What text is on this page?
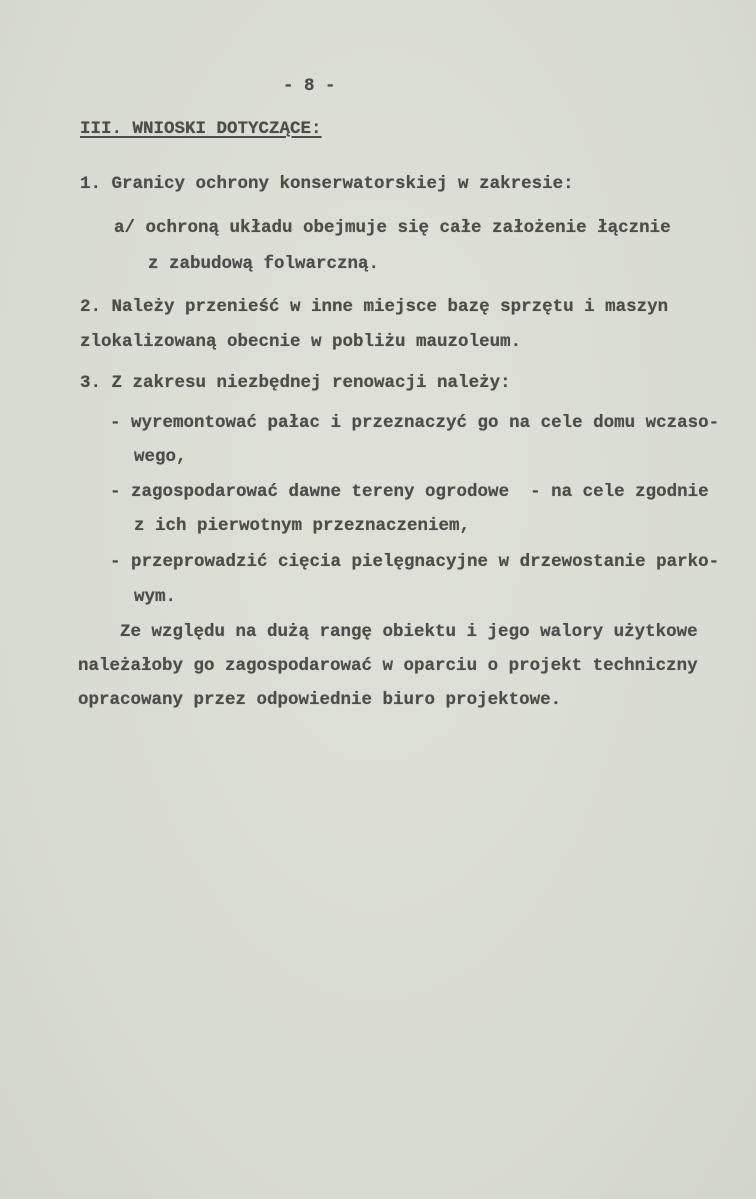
- 8 -
III. WNIOSKI DOTYCZĄCE:
1. Granicy ochrony konserwatorskiej w zakresie:
a/ ochroną układu obejmuje się całe założenie łącznie
z zabudową folwarczną.
2. Należy przenieść w inne miejsce bazę sprzętu i maszyn
zlokalizowaną obecnie w pobliżu mauzoleum.
3. Z zakresu niezbędnej renowacji należy:
- wyremontować pałac i przeznaczyć go na cele domu wczaso-
wego,
- zagospodarować dawne tereny ogrodowe  - na cele zgodnie
z ich pierwotnym przeznaczeniem,
- przeprowadzić cięcia pielęgnacyjne w drzewostanie parko-
wym.
Ze względu na dużą rangę obiektu i jego walory użytkowe
należałoby go zagospodarować w oparciu o projekt techniczny
opracowany przez odpowiednie biuro projektowe.
